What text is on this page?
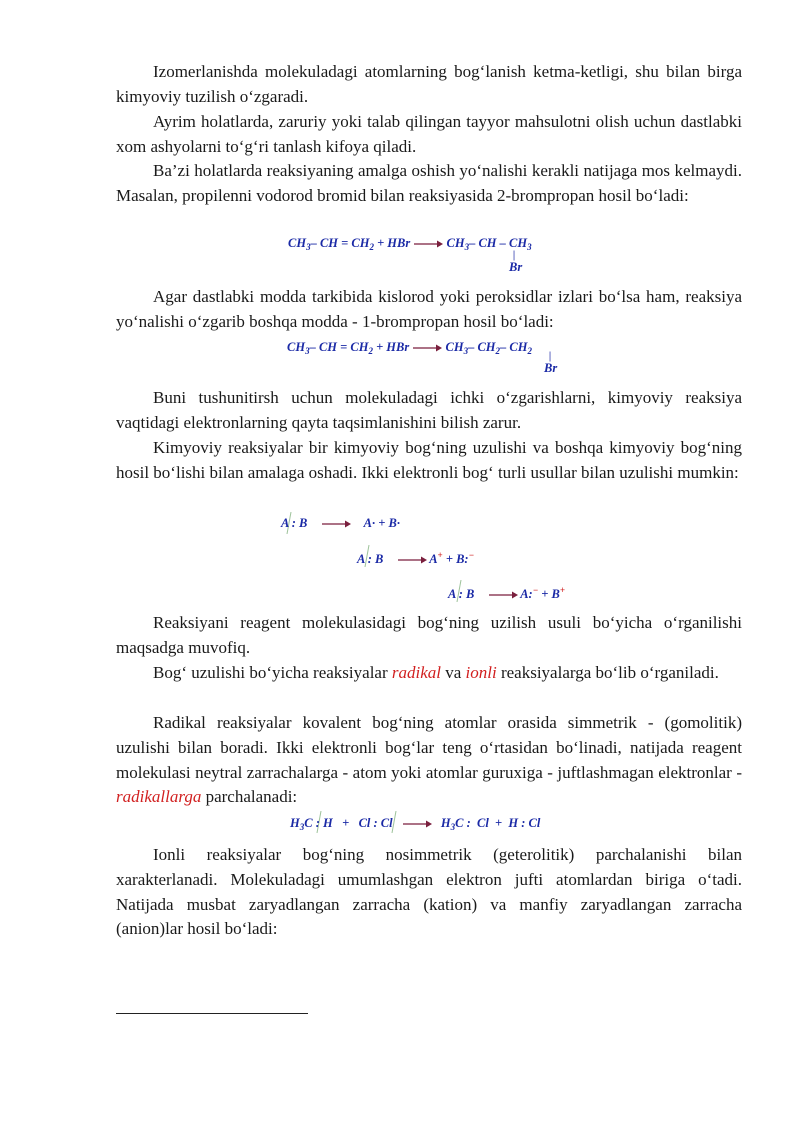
Izomerlanishda molekuladagi atomlarning bog‘lanish ketma-ketligi, shu bilan birga kimyoviy tuzilish o‘zgaradi.

Ayrim holatlarda, zaruriy yoki talab qilingan tayyor mahsulotni olish uchun dastlabki xom ashyolarni to‘g‘ri tanlash kifoya qiladi.

Ba’zi holatlarda reaksiyaning amalga oshish yo‘nalishi kerakli natijaga mos kelmaydi. Masalan, propilenni vodorod bromid bilan reaksiyasida 2-brompropan hosil bo‘ladi:

$CH_3-$ CH = $CH_2$ + HBr → $CH_3-$ CH – $CH_3$
|
Br

Agar dastlabki modda tarkibida kislorod yoki peroksidlar izlari bo‘lsa ham, reaksiya yo‘nalishi o‘zgarib boshqa modda - 1-brompropan hosil bo‘ladi:

$CH_3-$ CH = $CH_2$ + HBr → $CH_3-$ $CH_2-$ $CH_2$ |
Br

Buni tushunitirsh uchun molekuladagi ichki o‘zgarishlarni, kimyoviy reaksiya vaqtidagi elektronlarning qayta taqsimlanishini bilish zarur.

Kimyoviy reaksiyalar bir kimyoviy bog‘ning uzulishi va boshqa kimyoviy bog‘ning hosil bo‘lishi bilan amalaga oshadi. Ikki elektronli bog‘ turli usullar bilan uzulishi mumkin:

A : B → A· + B·
A : B → A+ + B:−
A : B → A:− + B+

Reaksiyani reagent molekulasidagi bog‘ning uzilish usuli bo‘yicha o‘rganilishi maqsadga muvofiq.

Bog‘ uzulishi bo‘yicha reaksiyalar radikal va ionli reaksiyalarga bo‘lib o‘rganiladi.

Radikal reaksiyalar kovalent bog‘ning atomlar orasida simmetrik - (gomolitik) uzulishi bilan boradi. Ikki elektronli bog‘lar teng o‘rtasidan bo‘linadi, natijada reagent molekulasi neytral zarrachalarga - atom yoki atomlar guruxiga - juftlashmagan elektronlar - radikallarga parchalanadi:

$H_3C$ : H   +   Cl : $Cl \to H_3C$ :  Cl  +  H : Cl

Ionli reaksiyalar bog‘ning nosimmetrik (geterolitik) parchalanishi bilan xarakterlanadi. Molekuladagi umumlashgan elektron jufti atomlardan biriga o‘tadi. Natijada musbat zaryadlangan zarracha (kation) va manfiy zaryadlangan zarracha (anion)lar hosil bo‘ladi:
